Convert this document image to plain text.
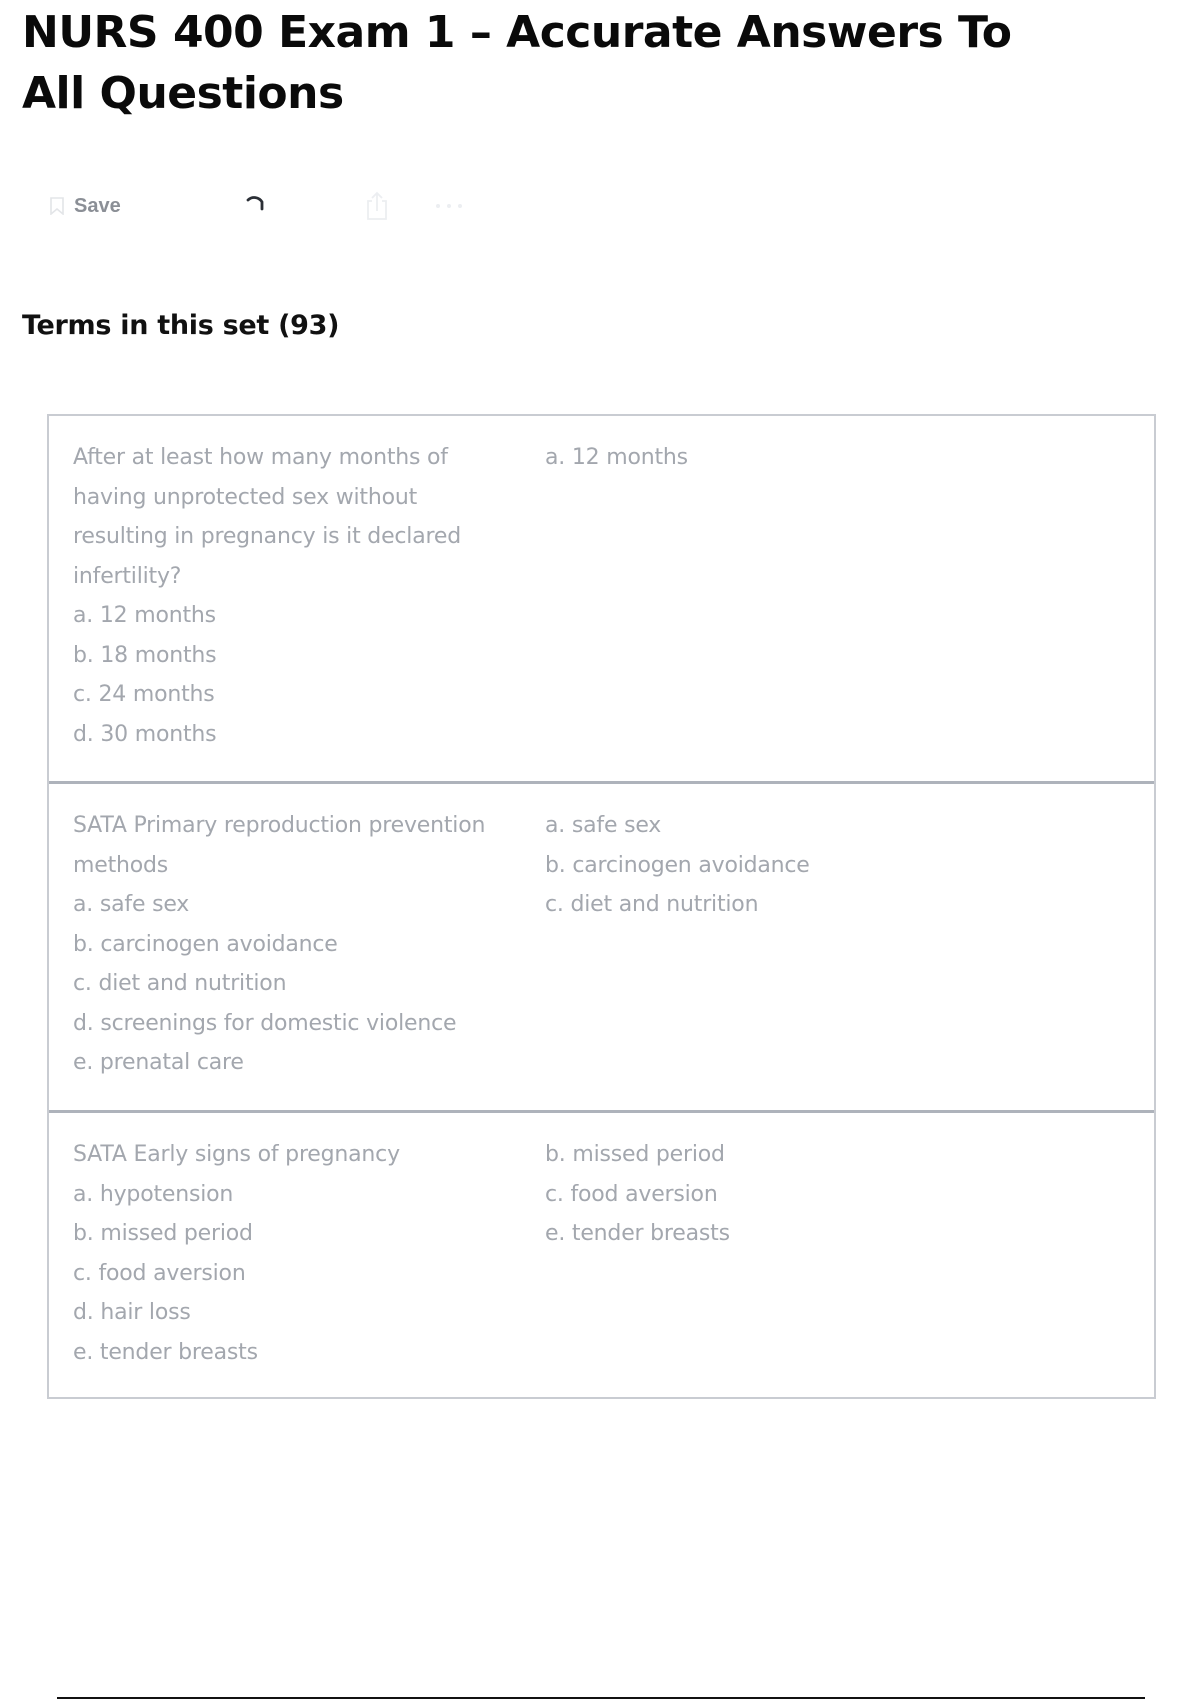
NURS 400 Exam 1 – Accurate Answers To All Questions
Save
Terms in this set (93)
After at least how many months of
having unprotected sex without
resulting in pregnancy is it declared
infertility?
a. 12 months
b. 18 months
c. 24 months
d. 30 months
a. 12 months
SATA Primary reproduction prevention
methods
a. safe sex
b. carcinogen avoidance
c. diet and nutrition
d. screenings for domestic violence
e. prenatal care
a. safe sex
b. carcinogen avoidance
c. diet and nutrition
SATA Early signs of pregnancy
a. hypotension
b. missed period
c. food aversion
d. hair loss
e. tender breasts
b. missed period
c. food aversion
e. tender breasts
